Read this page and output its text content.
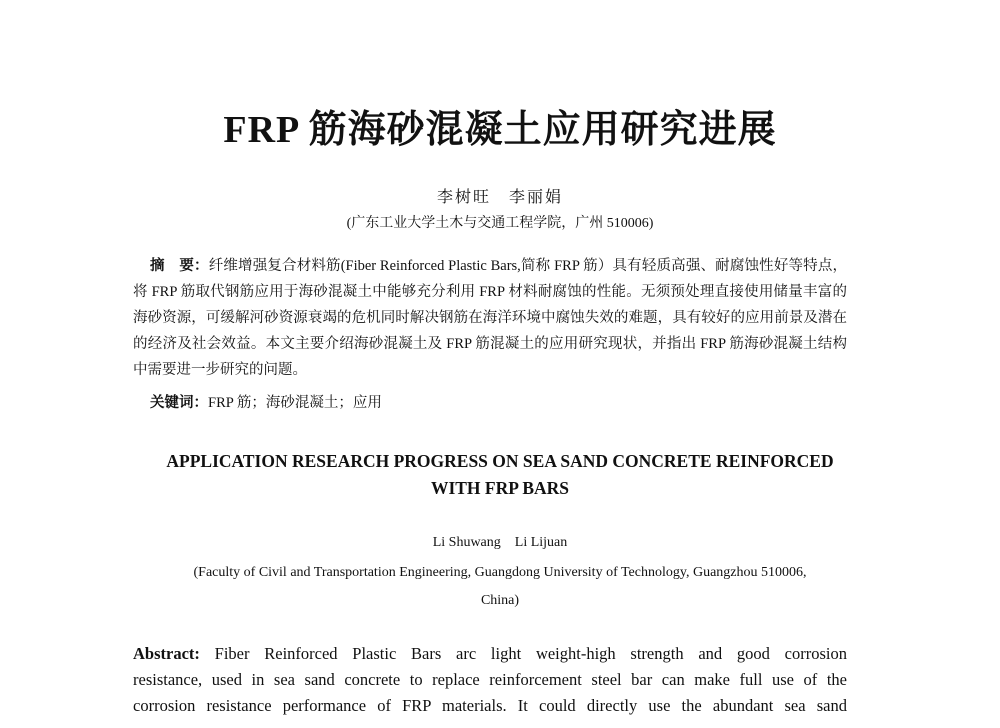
FRP 筋海砂混凝土应用研究进展
李树旺　李丽娟
(广东工业大学土木与交通工程学院，广州 510006)
摘　要：纤维增强复合材料筋(Fiber Reinforced Plastic Bars,简称 FRP 筋）具有轻质高强、耐腐蚀性好等特点，将 FRP 筋取代钢筋应用于海砂混凝土中能够充分利用 FRP 材料耐腐蚀的性能。无须预处理直接使用储量丰富的海砂资源，可缓解河砂资源衰竭的危机同时解决钢筋在海洋环境中腐蚀失效的难题，具有较好的应用前景及潜在的经济及社会效益。本文主要介绍海砂混凝土及 FRP 筋混凝土的应用研究现状，并指出 FRP 筋海砂混凝土结构中需要进一步研究的问题。
关键词：FRP 筋；海砂混凝土；应用
APPLICATION RESEARCH PROGRESS ON SEA SAND CONCRETE REINFORCED
WITH FRP BARS
Li Shuwang　Li Lijuan
(Faculty of Civil and Transportation Engineering, Guangdong University of Technology, Guangzhou 510006,
China)
Abstract: Fiber Reinforced Plastic Bars arc light weight-high strength and good corrosion
resistance, used in sea sand concrete to replace reinforcement steel bar can make full use of the
corrosion resistance performance of FRP materials. It could directly use the abundant sea sand
